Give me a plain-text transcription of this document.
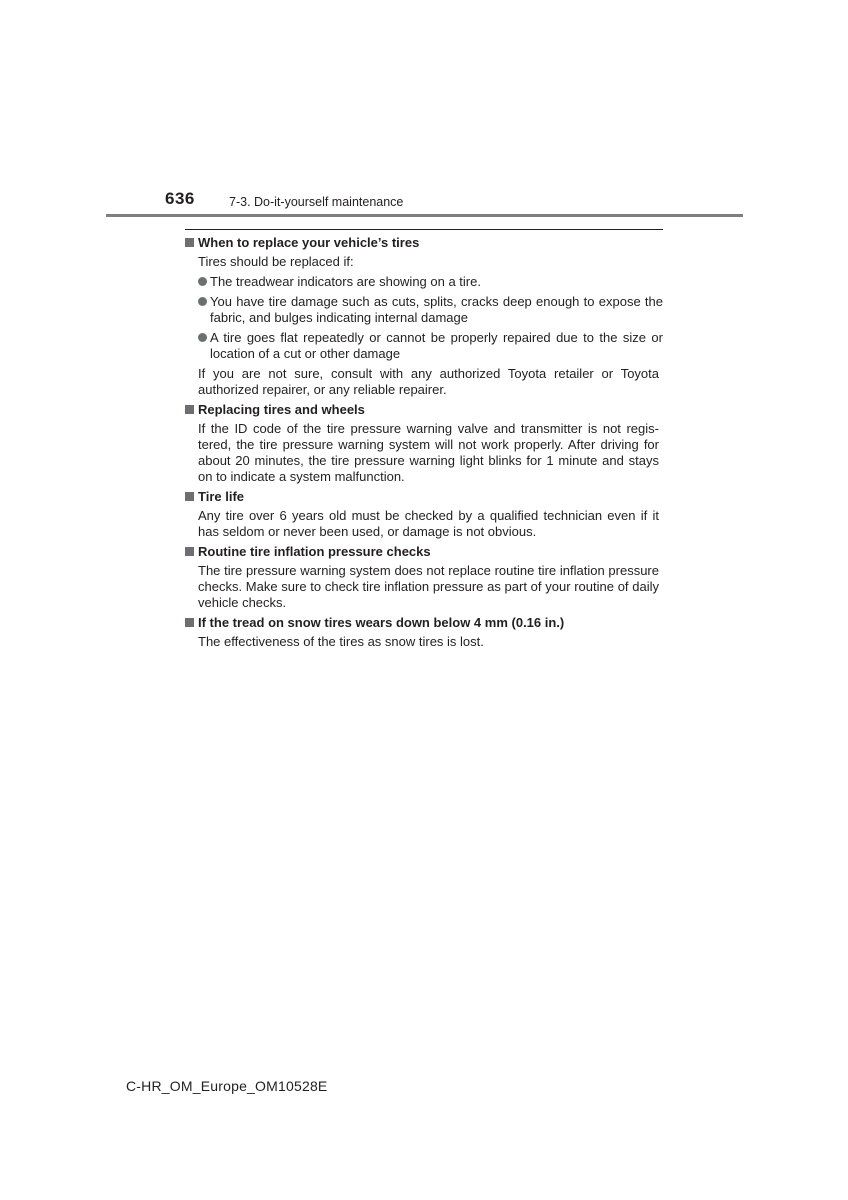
636	7-3. Do-it-yourself maintenance
When to replace your vehicle’s tires
Tires should be replaced if:
The treadwear indicators are showing on a tire.
You have tire damage such as cuts, splits, cracks deep enough to expose the fabric, and bulges indicating internal damage
A tire goes flat repeatedly or cannot be properly repaired due to the size or location of a cut or other damage
If you are not sure, consult with any authorized Toyota retailer or Toyota authorized repairer, or any reliable repairer.
Replacing tires and wheels
If the ID code of the tire pressure warning valve and transmitter is not registered, the tire pressure warning system will not work properly. After driving for about 20 minutes, the tire pressure warning light blinks for 1 minute and stays on to indicate a system malfunction.
Tire life
Any tire over 6 years old must be checked by a qualified technician even if it has seldom or never been used, or damage is not obvious.
Routine tire inflation pressure checks
The tire pressure warning system does not replace routine tire inflation pressure checks. Make sure to check tire inflation pressure as part of your routine of daily vehicle checks.
If the tread on snow tires wears down below 4 mm (0.16 in.)
The effectiveness of the tires as snow tires is lost.
C-HR_OM_Europe_OM10528E
